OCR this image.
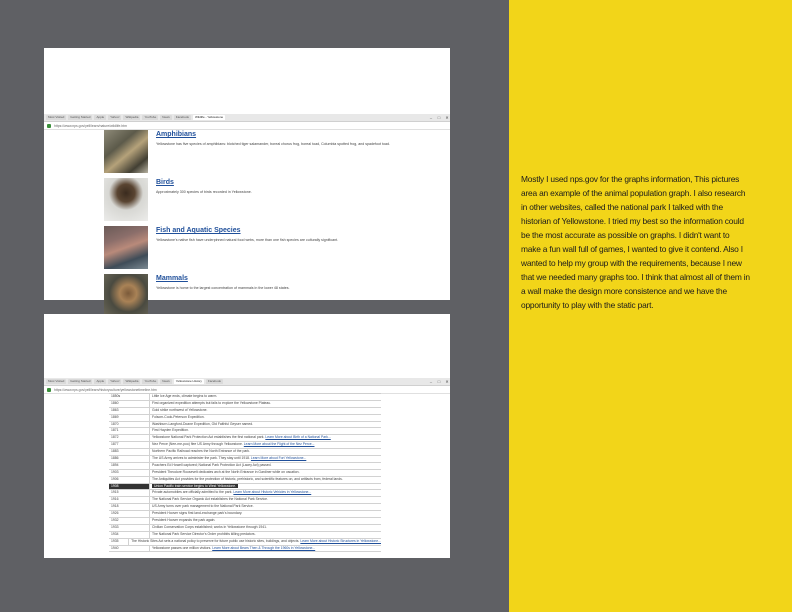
Most Visited	Getting Started	Apple	Yahoo!	Wikipedia	YouTube	News	Facebook	Wildlife - Yellowstone	–	□	✕
https://www.nps.gov/yell/learn/nature/wildlife.htm
Amphibians
Yellowstone has five species of amphibians: blotched tiger salamander, boreal chorus frog, boreal toad, Columbia spotted frog, and spadefoot toad.
Birds
Approximately 300 species of birds recorded in Yellowstone.
Fish and Aquatic Species
Yellowstone's native fish have underpinned natural food webs, more than one fish species are culturally significant.
Mammals
Yellowstone is home to the largest concentration of mammals in the lower 48 states.
Most Visited	Getting Started	Apple	Yahoo!	Wikipedia	YouTube	News	Yellowstone History	Facebook	–	□	✕
https://www.nps.gov/yell/learn/historyculture/yellowstonetimeline.htm
1850s	Little Ice Age ends, climate begins to warm.
1860	First organized expedition attempts but fails to explore the Yellowstone Plateau.
1863	Gold strike northwest of Yellowstone.
1869	Folsom-Cook-Peterson Expedition.
1870	Washburn-Langford-Doane Expedition, Old Faithful Geyser named.
1871	First Hayden Expedition.
1872	Yellowstone National Park Protection Act establishes the first national park. Learn More about Birth of a National Park...
1877	Nez Perce (Nee-me-poo) flee US Army through Yellowstone. Learn More about the Flight of the Nez Perce...
1883	Northern Pacific Railroad reaches the North Entrance of the park.
1886	The US Army arrives to administer the park. They stay until 1918. Learn More about Fort Yellowstone...
1894	Poachers Ed Howell captured; National Park Protection Act (Lacey Act) passed.
1903	President Theodore Roosevelt dedicates arch at the North Entrance in Gardiner while on vacation.
1906	The Antiquities Act provides for the protection of historic, prehistoric, and scientific features on, and artifacts from, federal lands.
1908	Union Pacific train service begins to West Yellowstone.
1915	Private automobiles are officially admitted to the park. Learn More about Historic Vehicles in Yellowstone...
1916	The National Park Service Organic Act establishes the National Park Service.
1918	US Army turns over park management to the National Park Service.
1926	President Hoover signs first land-exchange park's boundary.
1932	President Hoover expands the park again.
1933	Civilian Conservation Corps established; works in Yellowstone through 1941.
1934	The National Park Service Director's Order prohibits killing predators.
1935	The Historic Sites Act sets a national policy to preserve for future public use historic sites, buildings, and objects. Learn More about Historic Structures in Yellowstone...
1940	Yellowstone passes one million visitors. Learn More about Bears Then & Through the 1960s in Yellowstone...

Mostly I used nps.gov for the graphs information, This pictures area an example of the animal population graph. I also research in other websites, called the national park I talked with the historian of Yellowstone. I tried my best so the information could be the most accurate as possible on graphs. I didn't want to make a fun wall full of games, I wanted to give it contend. Also I wanted to help my group with the requirements, because I new that we needed many graphs too. I think that almost all of them in a wall make the design more consistence and we have the opportunity to play with the static part.
